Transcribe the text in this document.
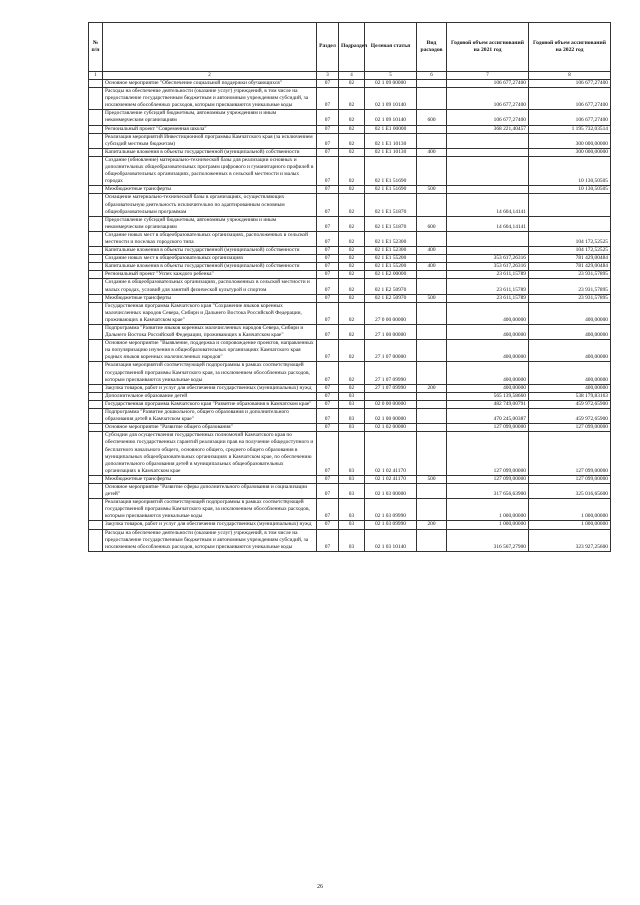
№ п/п		Раздел	Подраздел	Целевая статья	Вид расходов	Годовой объем ассигнований на 2021 год	Годовой объем ассигнований на 2022 год
1	2	3	4	5	6	7	8
	Основное мероприятие "Обеспечение социальной поддержки обучающихся"	07	02	02 1 09 00000		106 677,27400	106 677,27400
	Расходы на обеспечение деятельности (оказание услуг) учреждений, в том числе на предоставление государственным бюджетным и автономным учреждениям субсидий, за исключением обособленных расходов, которым присваиваются уникальные коды	07	02	02 1 09 10140		106 677,27400	106 677,27400
	Предоставление субсидий бюджетным, автономным учреждениям и иным некоммерческим организациям	07	02	02 1 09 10140	600	106 677,27400	106 677,27400
	Региональный проект "Современная школа"	07	02	02 1 E1 00000		368 221,40457	1 195 732,03514
	Реализация мероприятий Инвестиционной программы Камчатского края (за исключением субсидий местным бюджетам)	07	02	02 1 E1 10130			300 000,00000
	Капитальные вложения в объекты государственной (муниципальной) собственности	07	02	02 1 E1 10130	400		300 000,00000
	Создание (обновление) материально-технической базы для реализации основных и дополнительных общеобразовательных программ цифрового и гуманитарного профилей в общеобразовательных организациях, расположенных в сельской местности и малых городах	07	02	02 1 E1 51690			10 130,50505
	Межбюджетные трансферты	07	02	02 1 E1 51690	500		10 130,50505
	Оснащение материально-технической базы в организациях, осуществляющих образовательную деятельность исключительно по адаптированным основным общеобразовательным программам	07	02	02 1 E1 51870		14 604,14141	
	Предоставление субсидий бюджетным, автономным учреждениям и иным некоммерческим организациям	07	02	02 1 E1 51870	600	14 604,14141	
	Создание новых мест в общеобразовательных организациях, расположенных в сельской местности и поселках городского типа	07	02	02 1 E1 52300			104 172,52525
	Капитальные вложения в объекты государственной (муниципальной) собственности	07	02	02 1 E1 52300	400		104 172,52525
	Создание новых мест в общеобразовательных организациях	07	02	02 1 E1 55200		353 617,26316	781 429,00484
	Капитальные вложения в объекты государственной (муниципальной) собственности	07	02	02 1 E1 55200	400	353 617,26316	781 429,00484
	Региональный проект "Успех каждого ребенка"	07	02	02 1 E2 00000		23 611,15789	23 931,57895
	Создание в общеобразовательных организациях, расположенных в сельской местности и малых городах, условий для занятий физической культурой и спортом	07	02	02 1 E2 50970		23 611,15789	23 931,57895
	Межбюджетные трансферты	07	02	02 1 E2 50970	500	23 611,15789	23 931,57895
	Государственная программа Камчатского края "Сохранение языков коренных малочисленных народов Севера, Сибири и Дальнего Востока Российской Федерации, проживающих в Камчатском крае"	07	02	27 0 00 00000		400,00000	400,00000
	Подпрограмма "Развитие языков коренных малочисленных народов Севера, Сибири и Дальнего Востока Российской Федерации, проживающих в Камчатском крае"	07	02	27 1 00 00000		400,00000	400,00000
	Основное мероприятие "Выявление, поддержка и сопровождение проектов, направленных на популяризацию изучения в общеобразовательных организациях Камчатского края родных языков коренных малочисленных народов"	07	02	27 1 07 00000		400,00000	400,00000
	Реализация мероприятий соответствующей подпрограммы в рамках соответствующей государственной программы Камчатского края, за исключением обособленных расходов, которым присваиваются уникальные коды	07	02	27 1 07 09990		400,00000	400,00000
	Закупка товаров, работ и услуг для обеспечения государственных (муниципальных) нужд	07	02	27 1 07 09990	200	400,00000	400,00000
	Дополнительное образование детей	07	03			565 139,58660	538 179,83163
	Государственная программа Камчатского края "Развитие образования в Камчатском крае"	07	03	02 0 00 00000		482 749,00791	459 972,65900
	Подпрограмма "Развитие дошкольного, общего образования и дополнительного образования детей в Камчатском крае"	07	03	02 1 00 00000		470 245,00387	459 972,65900
	Основное мероприятие "Развитие общего образования"	07	03	02 1 02 00000		127 099,00000	127 099,00000
	Субсидии для осуществления государственных полномочий Камчатского края по обеспечению государственных гарантий реализации прав на получение общедоступного и бесплатного начального общего, основного общего, среднего общего образования в муниципальных общеобразовательных организациях в Камчатском крае, по обеспечению дополнительного образования детей в муниципальных общеобразовательных организациях в Камчатском крае	07	03	02 1 02 41170		127 099,00000	127 099,00000
	Межбюджетные трансферты	07	03	02 1 02 41170	500	127 099,00000	127 099,00000
	Основное мероприятие "Развитие сферы дополнительного образования и социализации детей"	07	03	02 1 03 00000		317 656,63900	325 016,65600
	Реализация мероприятий соответствующей подпрограммы в рамках соответствующей государственной программы Камчатского края, за исключением обособленных расходов, которым присваиваются уникальные коды	07	03	02 1 03 09990		1 000,00000	1 000,00000
	Закупка товаров, работ и услуг для обеспечения государственных (муниципальных) нужд	07	03	02 1 03 09990	200	1 000,00000	1 000,00000
	Расходы на обеспечение деятельности (оказание услуг) учреждений, в том числе на предоставление государственным бюджетным и автономным учреждениям субсидий, за исключением обособленных расходов, которым присваиваются уникальные коды	07	03	02 1 03 10140		316 567,27900	323 927,25600
26
